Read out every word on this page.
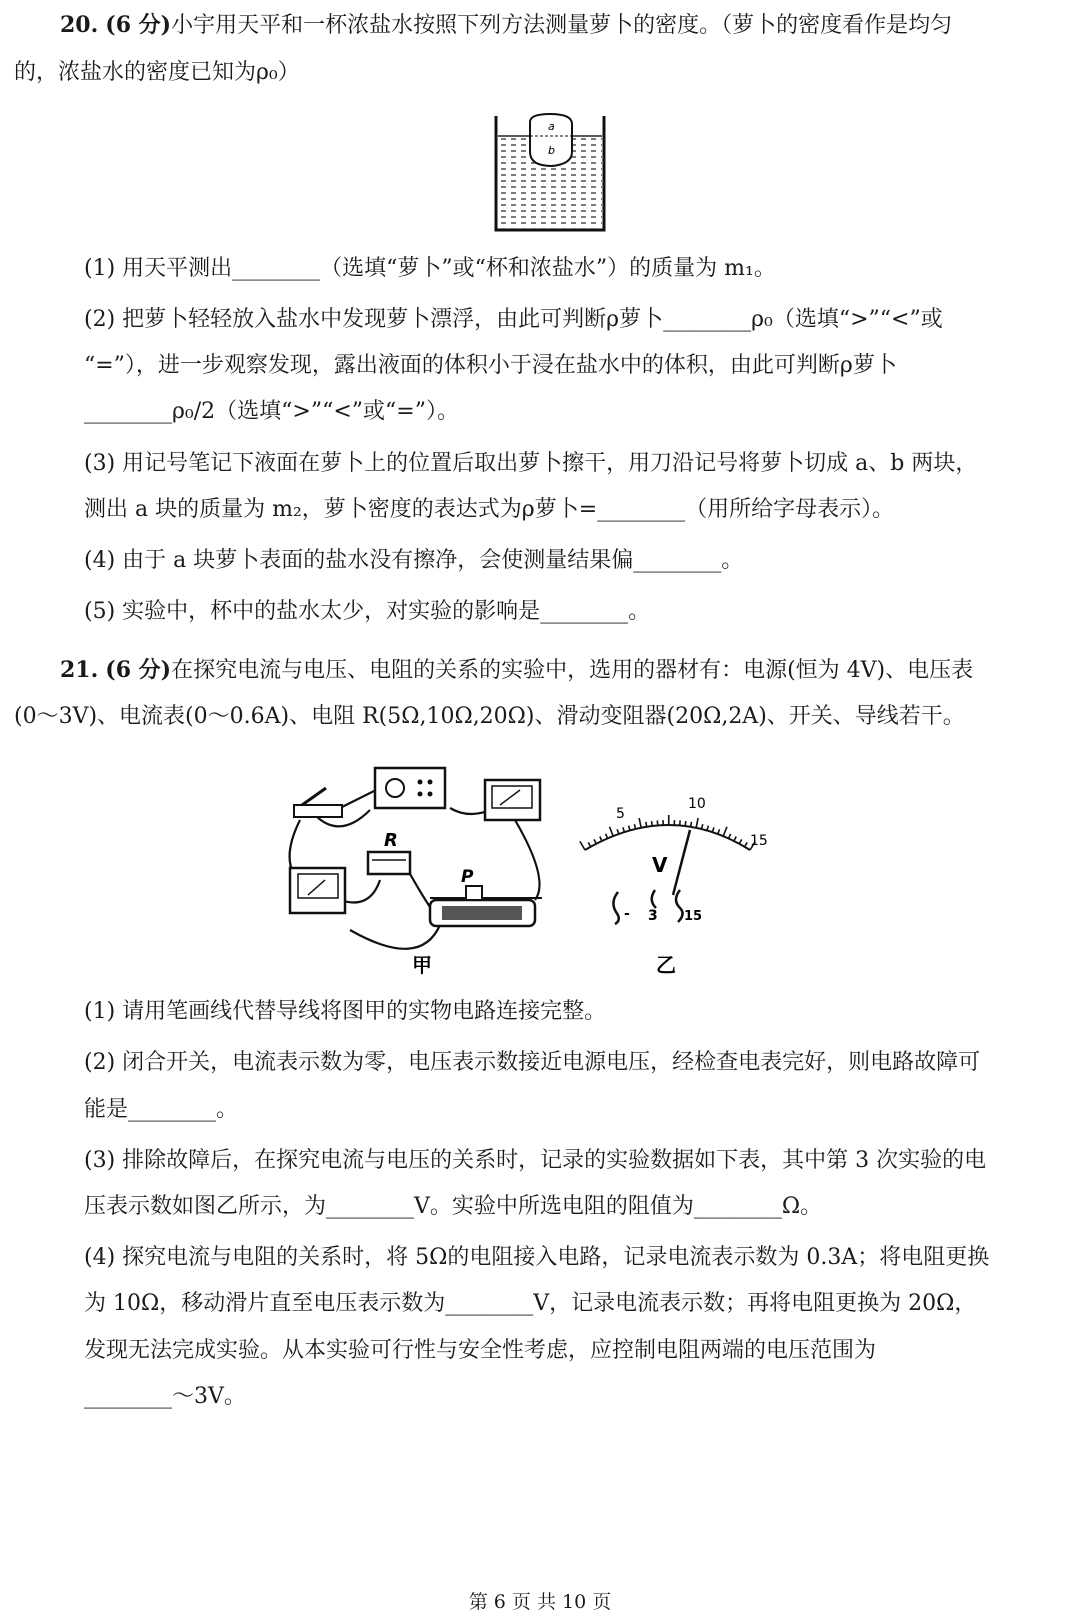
20. (6 分)小宇用天平和一杯浓盐水按照下列方法测量萝卜的密度。（萝卜的密度看作是均匀
的，浓盐水的密度已知为ρ₀）
a
b
(1) 用天平测出________（选填“萝卜”或“杯和浓盐水”）的质量为 m₁。
(2) 把萝卜轻轻放入盐水中发现萝卜漂浮，由此可判断ρ萝卜________ρ₀（选填“>”“<”或
“=”），进一步观察发现，露出液面的体积小于浸在盐水中的体积，由此可判断ρ萝卜
________ρ₀/2（选填“>”“<”或“=”）。
(3) 用记号笔记下液面在萝卜上的位置后取出萝卜擦干，用刀沿记号将萝卜切成 a、b 两块，
测出 a 块的质量为 m₂，萝卜密度的表达式为ρ萝卜=________（用所给字母表示）。
(4) 由于 a 块萝卜表面的盐水没有擦净，会使测量结果偏________。
(5) 实验中，杯中的盐水太少，对实验的影响是________。
21. (6 分)在探究电流与电压、电阻的关系的实验中，选用的器材有：电源(恒为 4V)、电压表
(0～3V)、电流表(0～0.6A)、电阻 R(5Ω,10Ω,20Ω)、滑动变阻器(20Ω,2A)、开关、导线若干。
R
P
甲
5
10
15
V
- 3 15
乙
(1) 请用笔画线代替导线将图甲的实物电路连接完整。
(2) 闭合开关，电流表示数为零，电压表示数接近电源电压，经检查电表完好，则电路故障可
能是________。
(3) 排除故障后，在探究电流与电压的关系时，记录的实验数据如下表，其中第 3 次实验的电
压表示数如图乙所示，为________V。实验中所选电阻的阻值为________Ω。
(4) 探究电流与电阻的关系时，将 5Ω的电阻接入电路，记录电流表示数为 0.3A；将电阻更换
为 10Ω，移动滑片直至电压表示数为________V，记录电流表示数；再将电阻更换为 20Ω，
发现无法完成实验。从本实验可行性与安全性考虑，应控制电阻两端的电压范围为
________～3V。
第 6 页 共 10 页
